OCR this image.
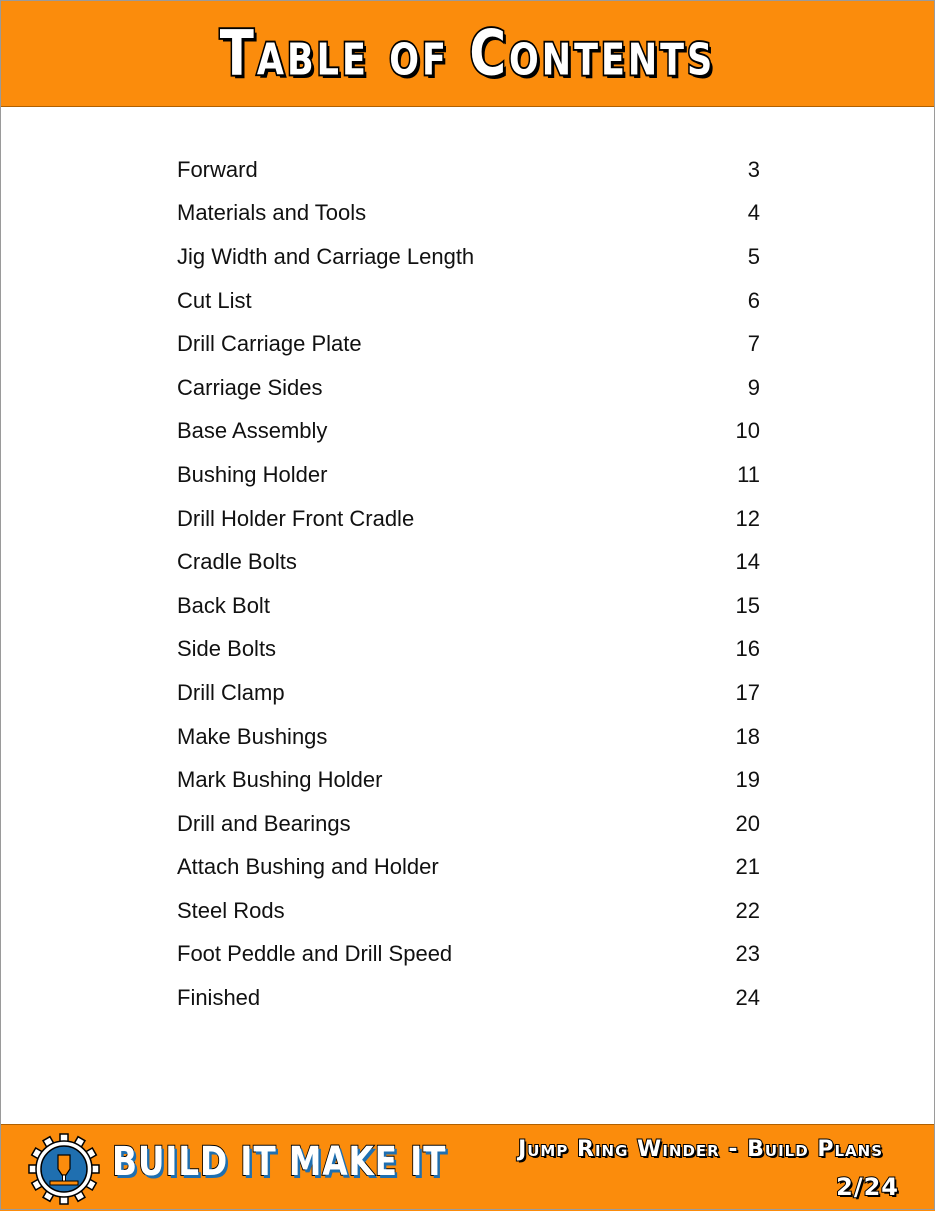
Table of Contents
Forward	3
Materials and Tools	4
Jig Width and Carriage Length	5
Cut List	6
Drill Carriage Plate	7
Carriage Sides	9
Base Assembly	10
Bushing Holder	11
Drill Holder Front Cradle	12
Cradle Bolts	14
Back Bolt	15
Side Bolts	16
Drill Clamp	17
Make Bushings	18
Mark Bushing Holder	19
Drill and Bearings	20
Attach Bushing and Holder	21
Steel Rods	22
Foot Peddle and Drill Speed	23
Finished	24
BUILD IT MAKE IT	Jump Ring Winder - Build Plans
2/24
